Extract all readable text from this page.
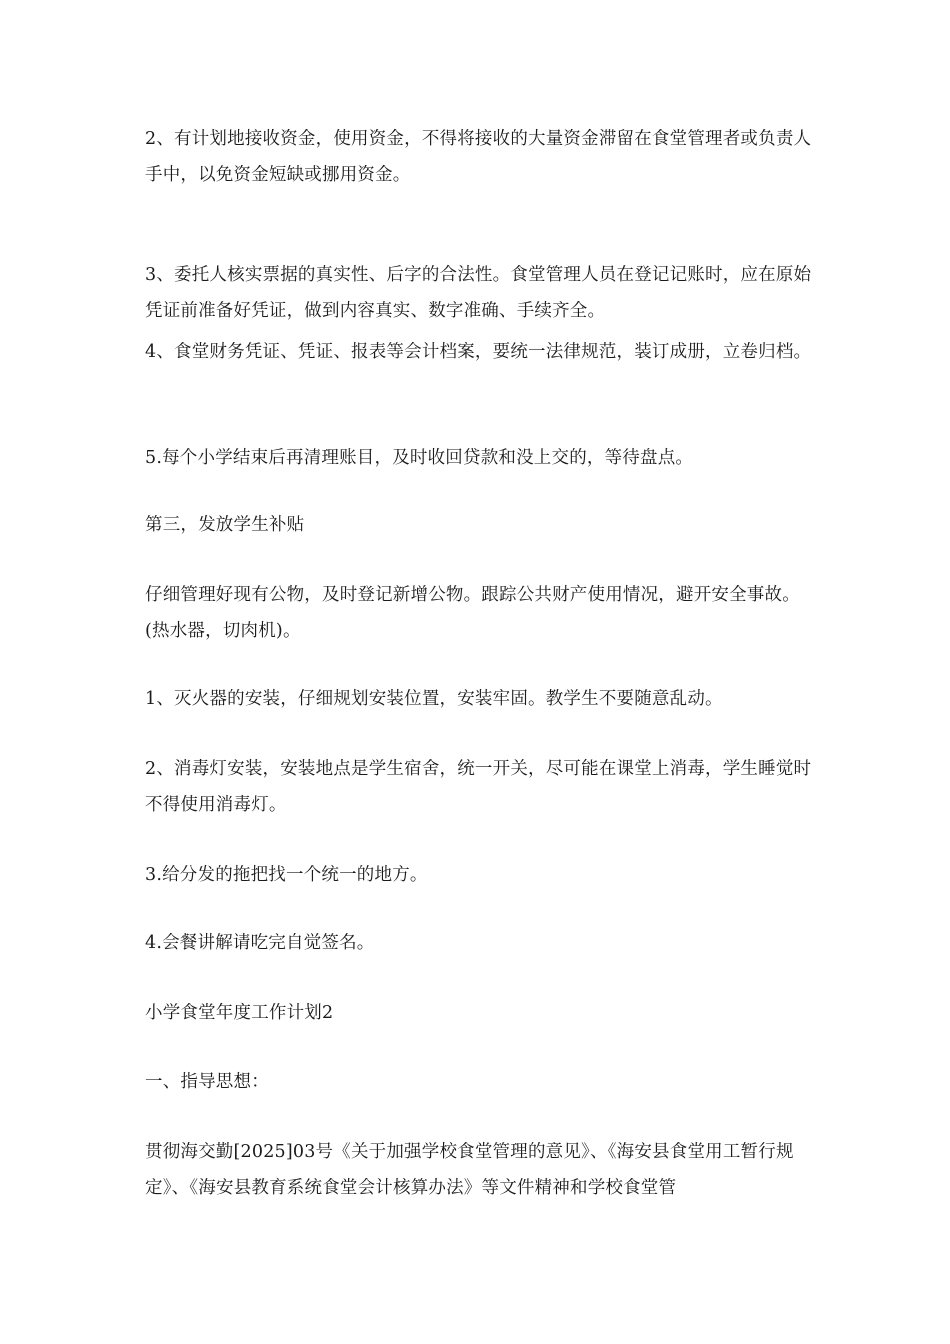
2、有计划地接收资金，使用资金，不得将接收的大量资金滞留在食堂管理者或负责人手中，以免资金短缺或挪用资金。

3、委托人核实票据的真实性、后字的合法性。食堂管理人员在登记记账时，应在原始凭证前准备好凭证，做到内容真实、数字准确、手续齐全。

4、食堂财务凭证、凭证、报表等会计档案，要统一法律规范，装订成册，立卷归档。

5.每个小学结束后再清理账目，及时收回贷款和没上交的，等待盘点。

第三，发放学生补贴

仔细管理好现有公物，及时登记新增公物。跟踪公共财产使用情况，避开安全事故。(热水器，切肉机)。

1、灭火器的安装，仔细规划安装位置，安装牢固。教学生不要随意乱动。

2、消毒灯安装，安装地点是学生宿舍，统一开关，尽可能在课堂上消毒，学生睡觉时不得使用消毒灯。

3.给分发的拖把找一个统一的地方。

4.会餐讲解请吃完自觉签名。

小学食堂年度工作计划2

一、指导思想：

贯彻海交勤[2025]03号《关于加强学校食堂管理的意见》、《海安县食堂用工暂行规定》、《海安县教育系统食堂会计核算办法》等文件精神和学校食堂管
